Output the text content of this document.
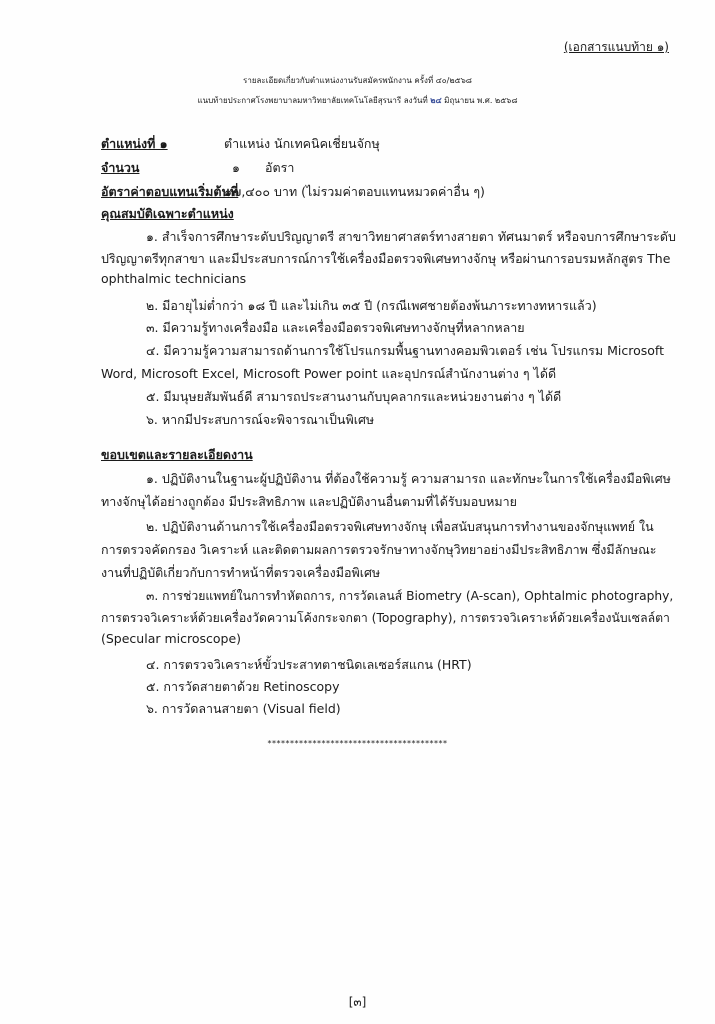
(เอกสารแนบท้าย ๑)
รายละเอียดเกี่ยวกับตำแหน่งงานรับสมัครพนักงาน ครั้งที่ ๔๐/๒๕๖๘
แนบท้ายประกาศโรงพยาบาลมหาวิทยาลัยเทคโนโลยีสุรนารี ลงวันที่ ๒๔ มิถุนายน พ.ศ. ๒๕๖๘
ตำแหน่งที่ ๑	ตำแหน่ง นักเทคนิคเชี่ยนจักษุ
จำนวน	๑ อัตรา
อัตราค่าตอบแทนเริ่มต้นที่
๑๗,๔๐๐ บาท (ไม่รวมค่าตอบแทนหมวดค่าอื่น ๆ)
คุณสมบัติเฉพาะตำแหน่ง
๑. สำเร็จการศึกษาระดับปริญญาตรี สาขาวิทยาศาสตร์ทางสายตา ทัศนมาตร์ หรือจบการศึกษาระดับ
ปริญญาตรีทุกสาขา และมีประสบการณ์การใช้เครื่องมือตรวจพิเศษทางจักษุ หรือผ่านการอบรมหลักสูตร The
ophthalmic technicians
๒. มีอายุไม่ต่ำกว่า ๑๘ ปี และไม่เกิน ๓๕ ปี (กรณีเพศชายต้องพ้นภาระทางทหารแล้ว)
๓. มีความรู้ทางเครื่องมือ และเครื่องมือตรวจพิเศษทางจักษุที่หลากหลาย
๔. มีความรู้ความสามารถด้านการใช้โปรแกรมพื้นฐานทางคอมพิวเตอร์ เช่น โปรแกรม Microsoft
Word, Microsoft Excel, Microsoft Power point และอุปกรณ์สำนักงานต่าง ๆ ได้ดี
๕. มีมนุษยสัมพันธ์ดี สามารถประสานงานกับบุคลากรและหน่วยงานต่าง ๆ ได้ดี
๖. หากมีประสบการณ์จะพิจารณาเป็นพิเศษ
ขอบเขตและรายละเอียดงาน
๑. ปฏิบัติงานในฐานะผู้ปฏิบัติงาน ที่ต้องใช้ความรู้ ความสามารถ และทักษะในการใช้เครื่องมือพิเศษ
ทางจักษุได้อย่างถูกต้อง มีประสิทธิภาพ และปฏิบัติงานอื่นตามที่ได้รับมอบหมาย
๒. ปฏิบัติงานด้านการใช้เครื่องมือตรวจพิเศษทางจักษุ เพื่อสนับสนุนการทำงานของจักษุแพทย์ ใน
การตรวจคัดกรอง วิเคราะห์ และติดตามผลการตรวจรักษาทางจักษุวิทยาอย่างมีประสิทธิภาพ ซึ่งมีลักษณะ
งานที่ปฏิบัติเกี่ยวกับการทำหน้าที่ตรวจเครื่องมือพิเศษ
๓. การช่วยแพทย์ในการทำหัตถการ, การวัดเลนส์ Biometry (A-scan), Ophtalmic photography,
การตรวจวิเคราะห์ด้วยเครื่องวัดความโค้งกระจกตา (Topography), การตรวจวิเคราะห์ด้วยเครื่องนับเซลล์ตา
(Specular microscope)
๔. การตรวจวิเคราะห์ขั้วประสาทตาชนิดเลเซอร์สแกน (HRT)
๕. การวัดสายตาด้วย Retinoscopy
๖. การวัดลานสายตา (Visual field)
****************************************
[๓]
